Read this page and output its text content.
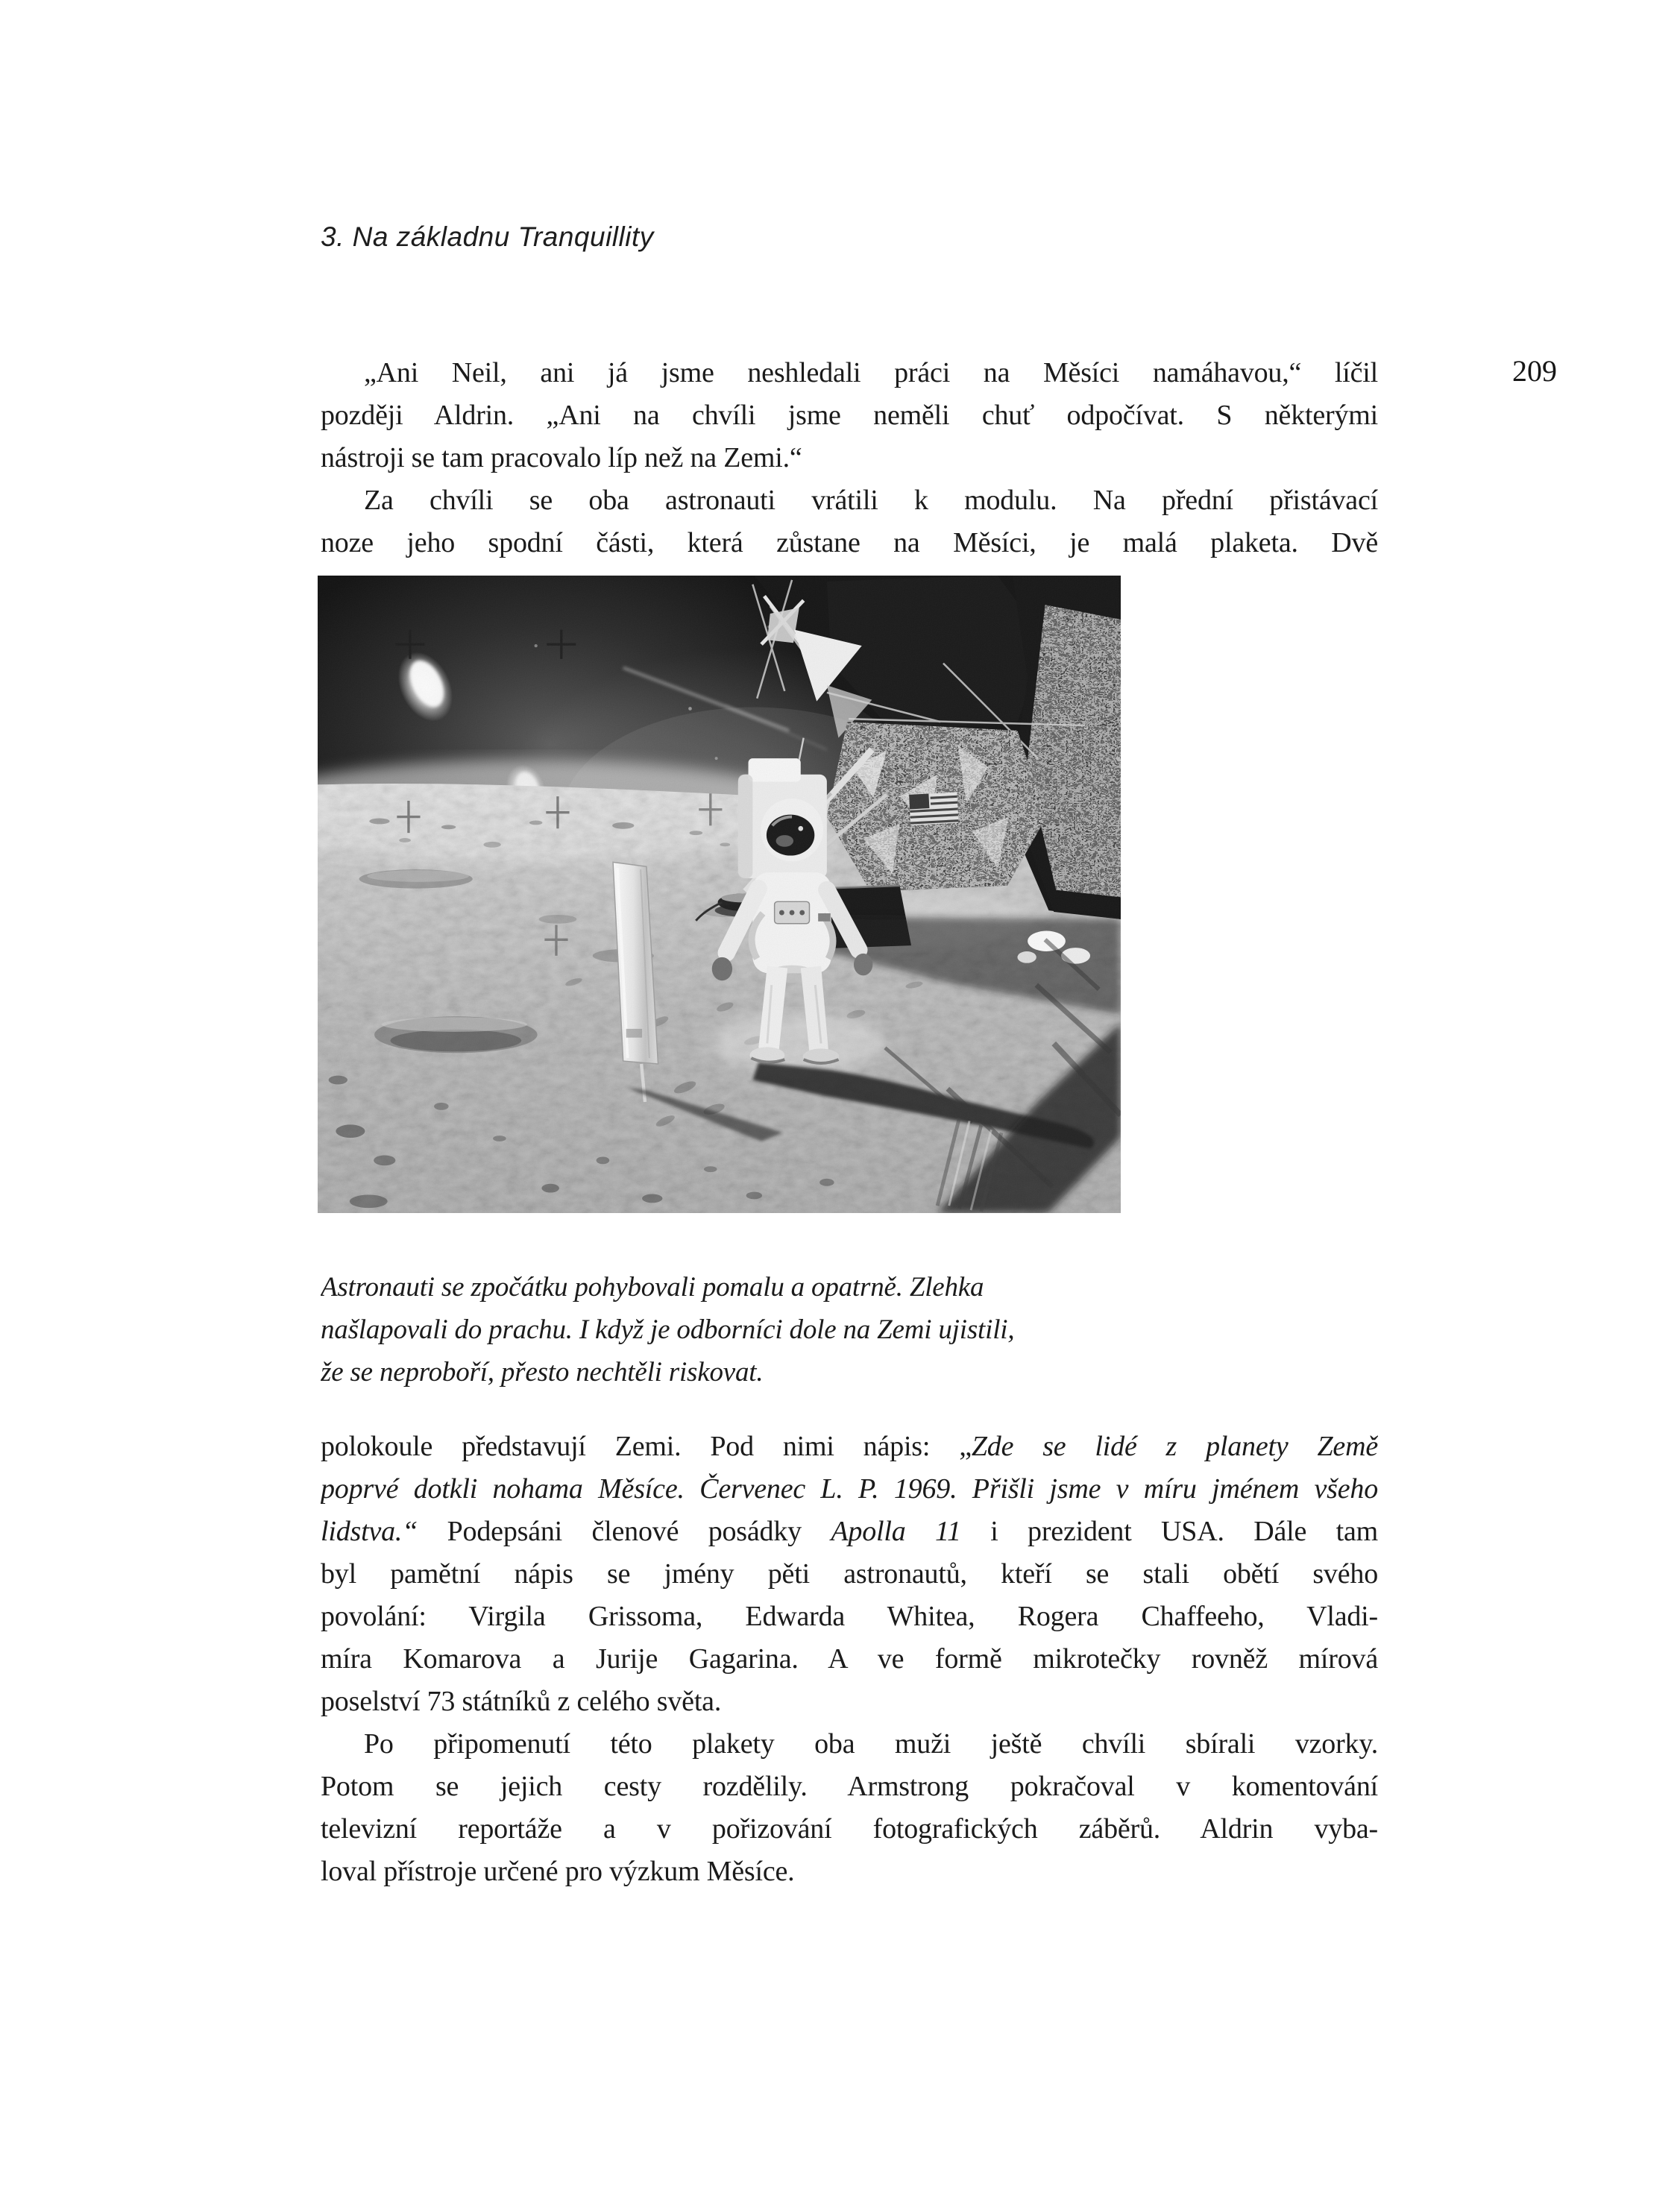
3. Na základnu Tranquillity
209
„Ani Neil, ani já jsme neshledali práci na Měsíci namáhavou,“ líčil
později Aldrin. „Ani na chvíli jsme neměli chuť odpočívat. S některými
nástroji se tam pracovalo líp než na Zemi.“
Za chvíli se oba astronauti vrátili k modulu. Na přední přistávací
noze jeho spodní části, která zůstane na Měsíci, je malá plaketa. Dvě
Astronauti se zpočátku pohybovali pomalu a opatrně. Zlehka
našlapovali do prachu. I když je odborníci dole na Zemi ujistili,
že se neproboří, přesto nechtěli riskovat.
polokoule představují Zemi. Pod nimi nápis: „Zde se lidé z planety Země
poprvé dotkli nohama Měsíce. Červenec L. P. 1969. Přišli jsme v míru jménem všeho
lidstva.“ Podepsáni členové posádky Apolla 11 i prezident USA. Dále tam
byl pamětní nápis se jmény pěti astronautů, kteří se stali obětí svého
povolání: Virgila Grissoma, Edwarda Whitea, Rogera Chaffeeho, Vladi-
míra Komarova a Jurije Gagarina. A ve formě mikrotečky rovněž mírová
poselství 73 státníků z celého světa.
Po připomenutí této plakety oba muži ještě chvíli sbírali vzorky.
Potom se jejich cesty rozdělily. Armstrong pokračoval v komentování
televizní reportáže a v pořizování fotografických záběrů. Aldrin vyba-
loval přístroje určené pro výzkum Měsíce.
